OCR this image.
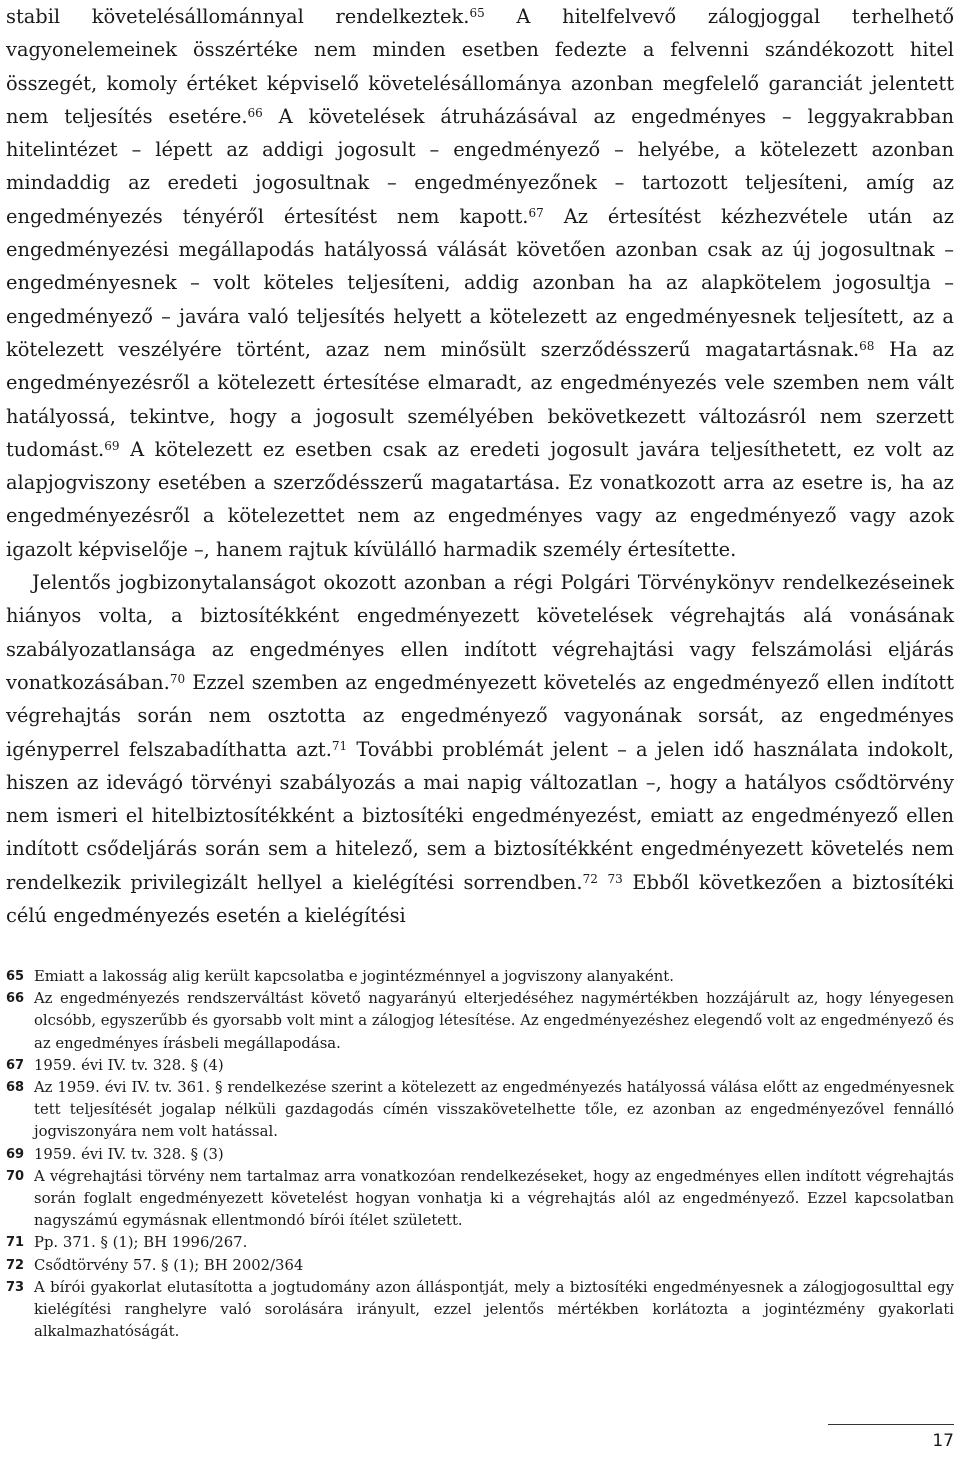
stabil követelésállománnyal rendelkeztek.$^{65}$ A hitelfelvevő zálogjoggal terhelhető vagyonelemeinek összértéke nem minden esetben fedezte a felvenni szándékozott hitel összegét, komoly értéket képviselő követelésállománya azonban megfelelő garanciát jelentett nem teljesítés esetére.$^{66}$ A követelések átruházásával az engedményes – leggyakrabban hitelintézet – lépett az addigi jogosult – engedményező – helyébe, a kötelezett azonban mindaddig az eredeti jogosultnak – engedményezőnek – tartozott teljesíteni, amíg az engedményezés tényéről értesítést nem kapott.$^{67}$ Az értesítést kézhezvétele után az engedményezési megállapodás hatályossá válását követően azonban csak az új jogosultnak – engedményesnek – volt köteles teljesíteni, addig azonban ha az alapkötelem jogosultja – engedményező – javára való teljesítés helyett a kötelezett az engedményesnek teljesített, az a kötelezett veszélyére történt, azaz nem minősült szerződésszerű magatartásnak.$^{68}$ Ha az engedményezésről a kötelezett értesítése elmaradt, az engedményezés vele szemben nem vált hatályossá, tekintve, hogy a jogosult személyében bekövetkezett változásról nem szerzett tudomást.$^{69}$ A kötelezett ez esetben csak az eredeti jogosult javára teljesíthetett, ez volt az alapjogviszony esetében a szerződésszerű magatartása. Ez vonatkozott arra az esetre is, ha az engedményezésről a kötelezettet nem az engedményes vagy az engedményező vagy azok igazolt képviselője –, hanem rajtuk kívülálló harmadik személy értesítette.

Jelentős jogbizonytalanságot okozott azonban a régi Polgári Törvénykönyv rendelkezéseinek hiányos volta, a biztosítékként engedményezett követelések végrehajtás alá vonásának szabályozatlansága az engedményes ellen indított végrehajtási vagy felszámolási eljárás vonatkozásában.$^{70}$ Ezzel szemben az engedményezett követelés az engedményező ellen indított végrehajtás során nem osztotta az engedményező vagyonának sorsát, az engedményes igényperrel felszabadíthatta azt.$^{71}$ További problémát jelent – a jelen idő használata indokolt, hiszen az idevágó törvényi szabályozás a mai napig változatlan –, hogy a hatályos csődtörvény nem ismeri el hitelbiztosítékként a biztosítéki engedményezést, emiatt az engedményező ellen indított csődeljárás során sem a hitelező, sem a biztosítékként engedményezett követelés nem rendelkezik privilegizált hellyel a kielégítési sorrendben.$^{72}$ $^{73}$ Ebből következően a biztosítéki célú engedményezés esetén a kielégítési

65 Emiatt a lakosság alig került kapcsolatba e jogintézménnyel a jogviszony alanyaként.
66 Az engedményezés rendszerváltást követő nagyarányú elterjedéséhez nagymértékben hozzájárult az, hogy lényegesen olcsóbb, egyszerűbb és gyorsabb volt mint a zálogjog létesítése. Az engedményezéshez elegendő volt az engedményező és az engedményes írásbeli megállapodása.
67 1959. évi IV. tv. 328. § (4)
68 Az 1959. évi IV. tv. 361. § rendelkezése szerint a kötelezett az engedményezés hatályossá válása előtt az engedményesnek tett teljesítését jogalap nélküli gazdagodás címén visszakövetelhette tőle, ez azonban az engedményezővel fennálló jogviszonyára nem volt hatással.
69 1959. évi IV. tv. 328. § (3)
70 A végrehajtási törvény nem tartalmaz arra vonatkozóan rendelkezéseket, hogy az engedményes ellen indított végrehajtás során foglalt engedményezett követelést hogyan vonhatja ki a végrehajtás alól az engedményező. Ezzel kapcsolatban nagyszámú egymásnak ellentmondó bírói ítélet született.
71 Pp. 371. § (1); BH 1996/267.
72 Csődtörvény 57. § (1); BH 2002/364
73 A bírói gyakorlat elutasította a jogtudomány azon álláspontját, mely a biztosítéki engedményesnek a zálogjogosulttal egy kielégítési ranghelyre való sorolására irányult, ezzel jelentős mértékben korlátozta a jogintézmény gyakorlati alkalmazhatóságát.
17
